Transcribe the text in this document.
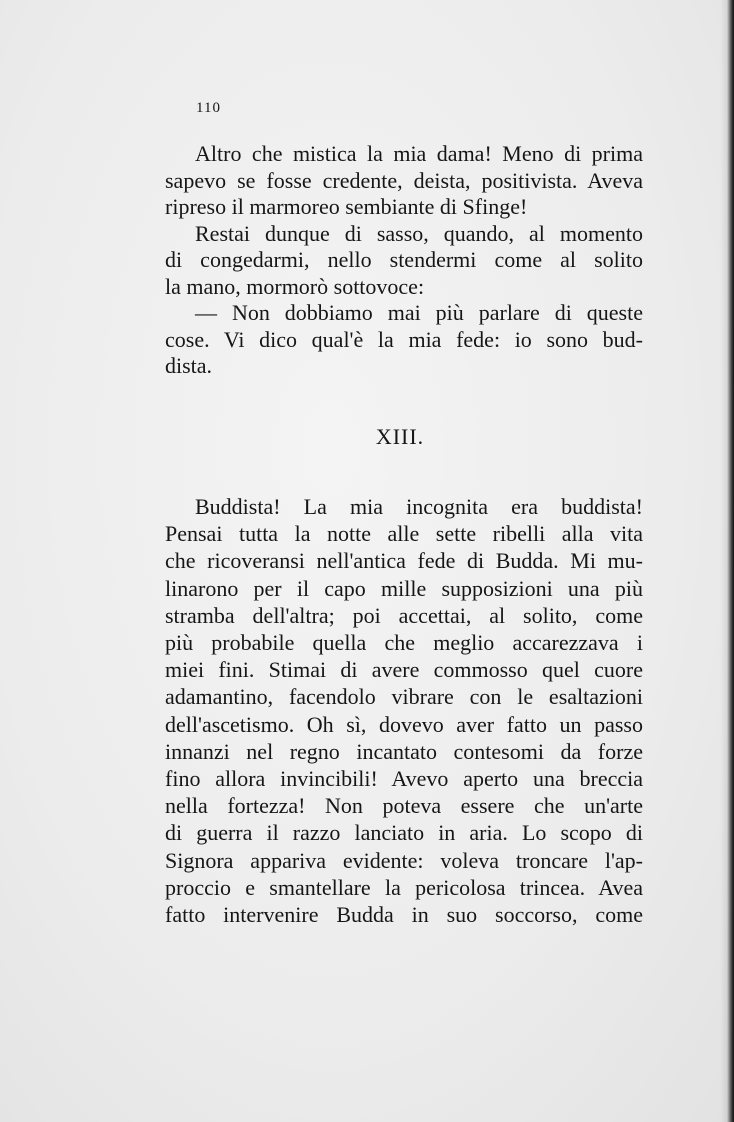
110
Altro che mistica la mia dama! Meno di prima
sapevo se fosse credente, deista, positivista. Aveva
ripreso il marmoreo sembiante di Sfinge!
Restai dunque di sasso, quando, al momento
di congedarmi, nello stendermi come al solito
la mano, mormorò sottovoce:
— Non dobbiamo mai più parlare di queste
cose. Vi dico qual'è la mia fede: io sono bud-
dista.
XIII.
Buddista! La mia incognita era buddista!
Pensai tutta la notte alle sette ribelli alla vita
che ricoveransi nell'antica fede di Budda. Mi mu-
linarono per il capo mille supposizioni una più
stramba dell'altra; poi accettai, al solito, come
più probabile quella che meglio accarezzava i
miei fini. Stimai di avere commosso quel cuore
adamantino, facendolo vibrare con le esaltazioni
dell'ascetismo. Oh sì, dovevo aver fatto un passo
innanzi nel regno incantato contesomi da forze
fino allora invincibili! Avevo aperto una breccia
nella fortezza! Non poteva essere che un'arte
di guerra il razzo lanciato in aria. Lo scopo di
Signora appariva evidente: voleva troncare l'ap-
proccio e smantellare la pericolosa trincea. Avea
fatto intervenire Budda in suo soccorso, come
